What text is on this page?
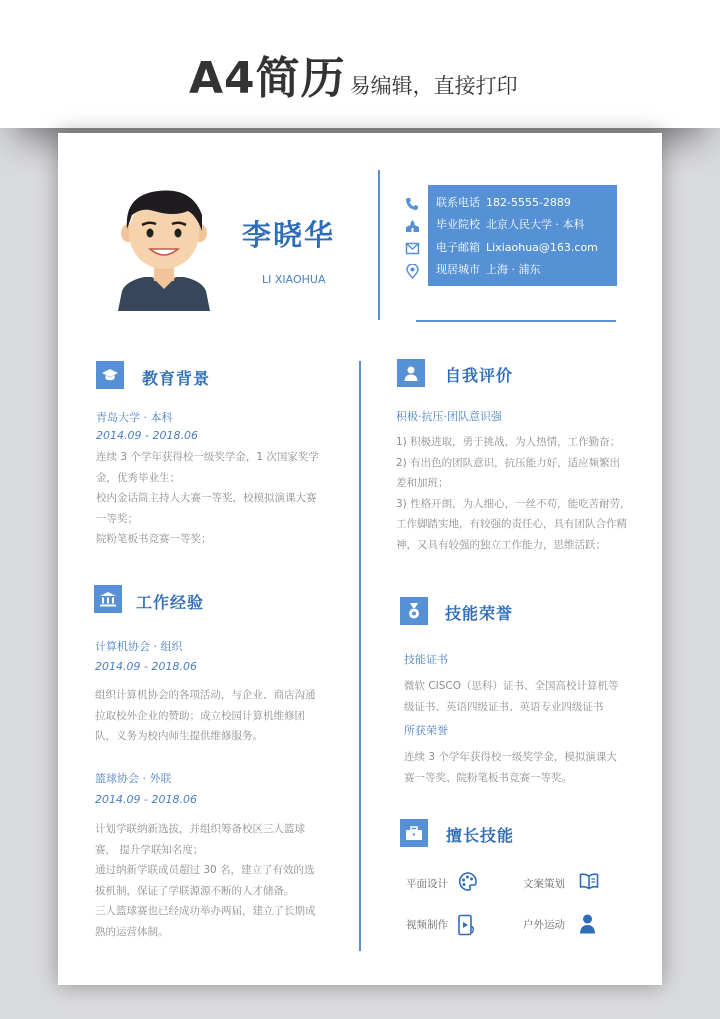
A4简历 易编辑，直接打印
李晓华
LI XIAOHUA
联系电话 182-5555-2889
毕业院校 北京人民大学 · 本科
电子邮箱 Lixiaohua@163.com
现居城市 上海 · 浦东
教育背景
青岛大学 · 本科
2014.09 - 2018.06
连续 3 个学年获得校一级奖学金，1 次国家奖学
金，优秀毕业生；
校内金话筒主持人大赛一等奖，校模拟演课大赛
一等奖；
院粉笔板书竞赛一等奖；
工作经验
计算机协会 · 组织
2014.09 - 2018.06
组织计算机协会的各项活动，与企业、商店沟通
拉取校外企业的赞助；成立校园计算机维修团
队，义务为校内师生提供维修服务。
篮球协会 · 外联
2014.09 - 2018.06
计划学联纳新选拔，并组织筹备校区三人篮球
赛， 提升学联知名度；
通过纳新学联成员超过 30 名，建立了有效的选
拔机制，保证了学联源源不断的人才储备。
三人篮球赛也已经成功举办两届，建立了长期成
熟的运营体制。
自我评价
积极·抗压·团队意识强
1) 积极进取，勇于挑战，为人热情，工作勤奋；
2) 有出色的团队意识，抗压能力好，适应频繁出
差和加班；
3) 性格开朗，为人细心，一丝不苟，能吃苦耐劳，
工作脚踏实地，有较强的责任心，具有团队合作精
神，又具有较强的独立工作能力，思维活跃；
技能荣誉
技能证书
微软 CISCO（思科）证书、全国高校计算机等
级证书、英语四级证书、英语专业四级证书
所获荣誉
连续 3 个学年获得校一级奖学金，模拟演课大
赛一等奖、院粉笔板书竞赛一等奖。
擅长技能
平面设计	文案策划
视频制作	户外运动
